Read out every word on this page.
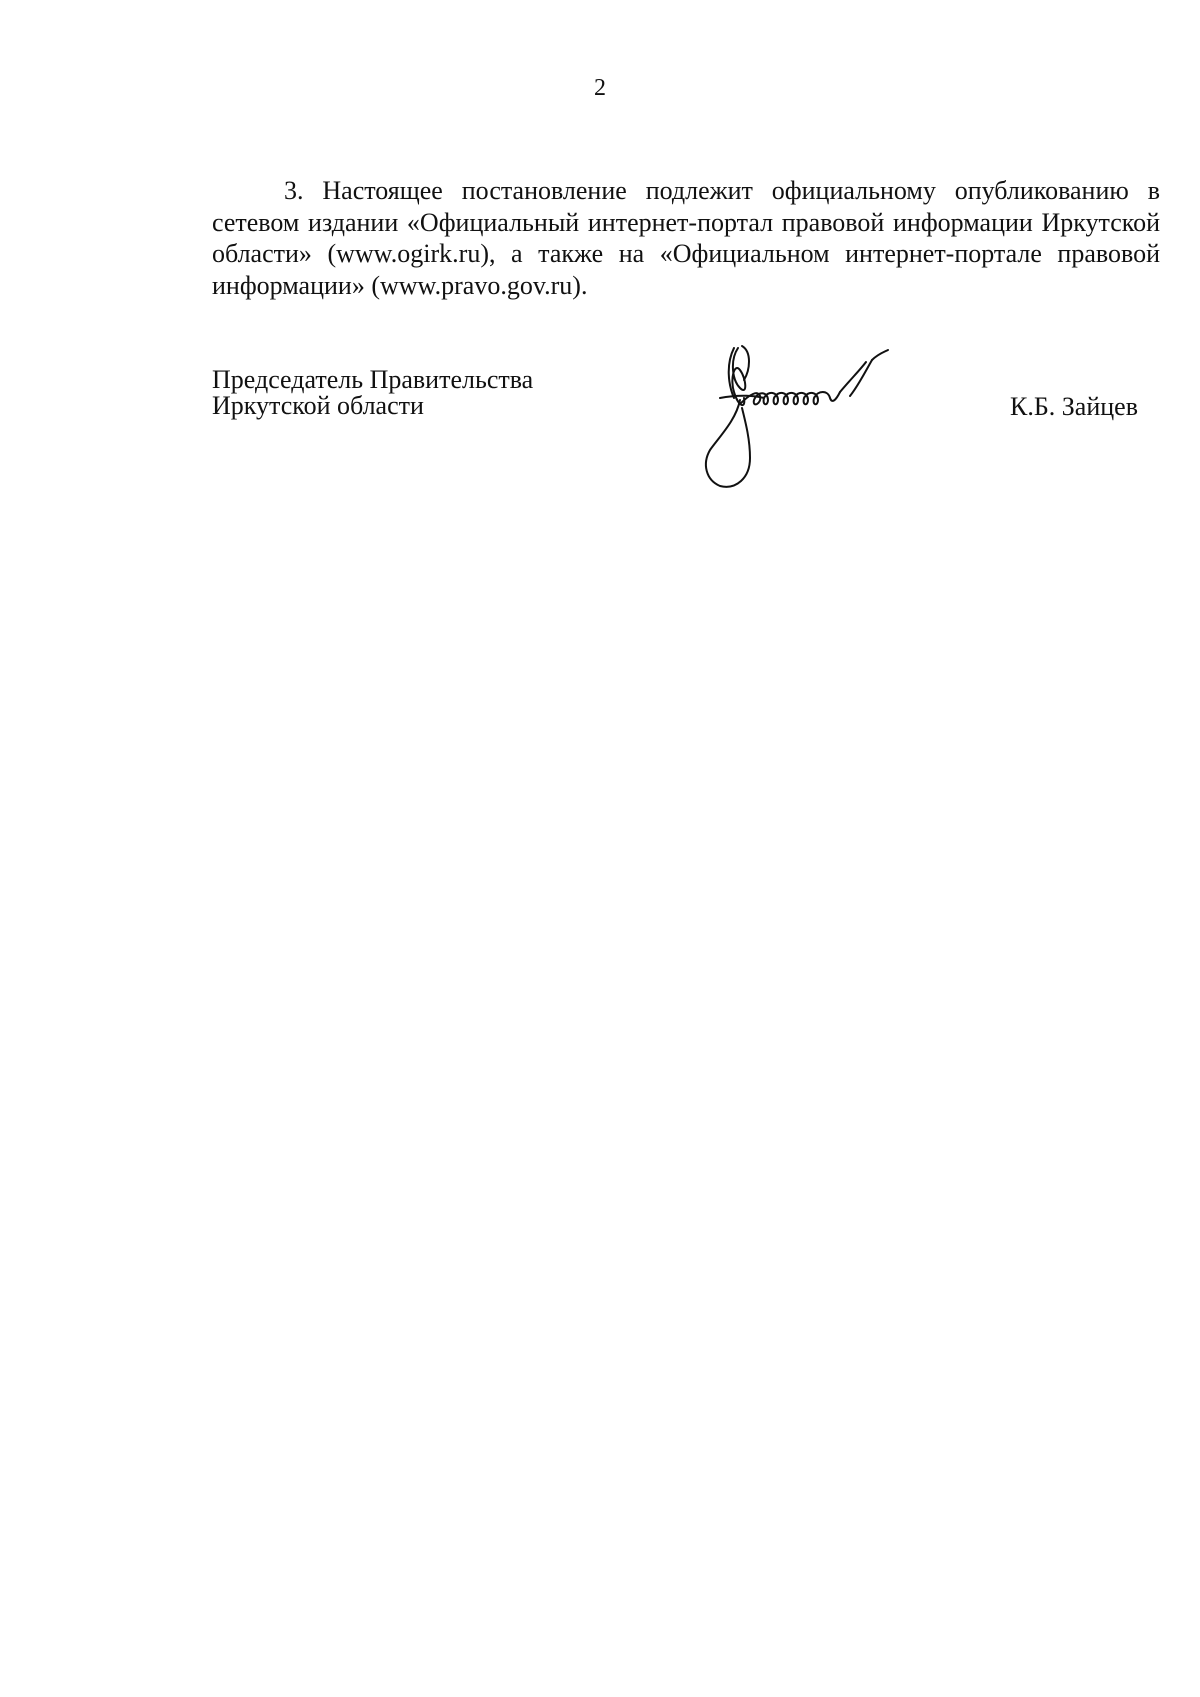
2

3. Настоящее постановление подлежит официальному опубликованию в сетевом издании «Официальный интернет-портал правовой информации Иркутской области» (www.ogirk.ru), а также на «Официальном интернет-портале правовой информации» (www.pravo.gov.ru).

Председатель Правительства
Иркутской области	К.Б. Зайцев
